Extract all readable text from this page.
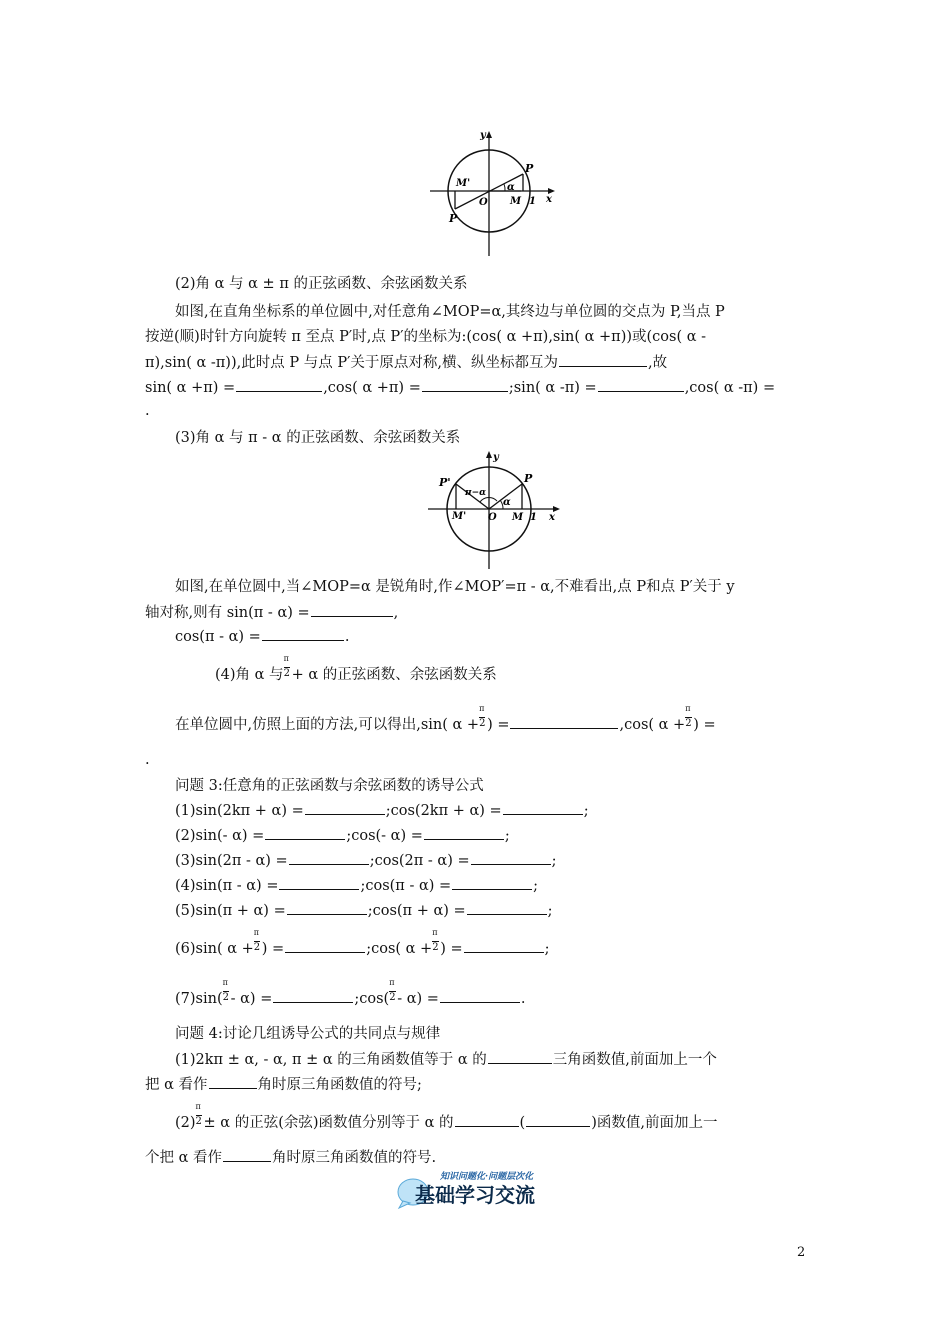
y
x
P
P
M'
O M 1
α
(2)角 α 与 α ± π 的正弦函数、余弦函数关系
如图,在直角坐标系的单位圆中,对任意角∠MOP=α,其终边与单位圆的交点为 P,当点 P
按逆(顺)时针方向旋转 π 至点 P′时,点 P′的坐标为:(cos( α +π),sin( α +π))或(cos( α -
π),sin( α -π)),此时点 P 与点 P′关于原点对称,横、纵坐标都互为	,故
sin( α +π) =	,cos( α +π) =	;sin( α -π) =	,cos( α -π) =
.
(3)角 α 与 π - α 的正弦函数、余弦函数关系
y
x
P
P'
π−α
M' O M 1
α
如图,在单位圆中,当∠MOP=α 是锐角时,作∠MOP′=π - α,不难看出,点 P和点 P′关于 y
轴对称,则有 sin(π - α) =	,
cos(π - α) =	.
(4)角 α 与 $\frac{\pi}{2} + \alpha$ 的正弦函数、余弦函数关系
在单位圆中,仿照上面的方法,可以得出,sin( $\alpha + \frac{\pi}{2}$ ) =	,cos( $\alpha + \frac{\pi}{2}$ ) =
.
问题 3:任意角的正弦函数与余弦函数的诱导公式
(1)sin(2kπ + α) =	;cos(2kπ + α) =	;
(2)sin(- α) =	;cos(- α) =	;
(3)sin(2π - α) =	;cos(2π - α) =	;
(4)sin(π - α) =	;cos(π - α) =	;
(5)sin(π + α) =	;cos(π + α) =	;
(6)sin( $\alpha + \frac{\pi}{2}$ ) =	;cos( $\alpha + \frac{\pi}{2}$ ) =	;
$(7)\sin( \frac{\pi}{2} - \alpha)$ =	;cos( $\frac{\pi}{2} - \alpha$) =	.
问题 4:讨论几组诱导公式的共同点与规律
(1)2kπ ± α, - α, π ± α 的三角函数值等于 α 的	三角函数值,前面加上一个
把 α 看作	角时原三角函数值的符号;
$(2) \frac{\pi}{2} \pm \alpha$ 的正弦(余弦)函数值分别等于 α 的	(	)函数值,前面加上一
个把 α 看作	角时原三角函数值的符号.
知识问题化·问题层次化
基础学习交流
2
